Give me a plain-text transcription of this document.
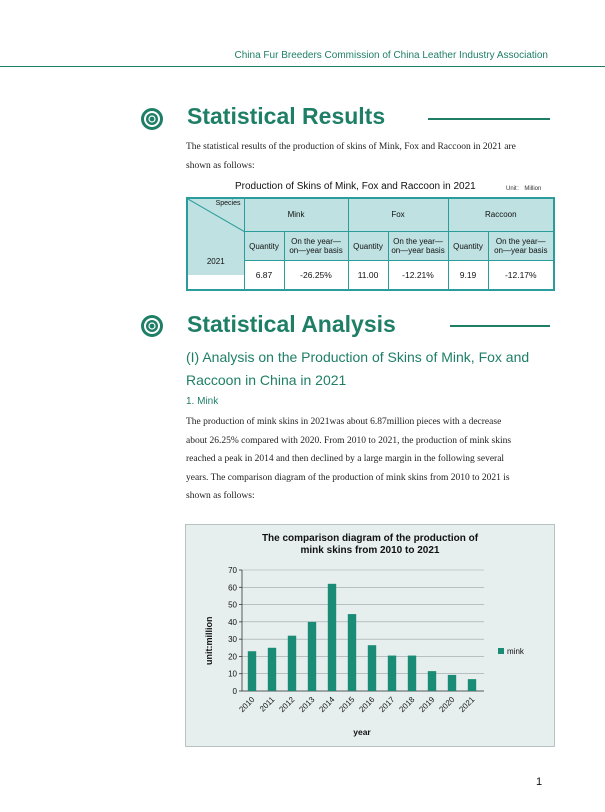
China Fur Breeders Commission of China Leather Industry Association
Statistical Results
The statistical results of the production of skins of Mink, Fox and Raccoon in 2021 are
shown as follows:
Production of Skins of Mink, Fox and Raccoon in 2021	Unit： Million
Species	Mink		Fox		Raccoon	
	Quantity	On the year—
on—year basis	Quantity	On the year—
on—year basis	Quantity	On the year—
on—year basis
2021	6.87	-26.25%	11.00	-12.21%	9.19	-12.17%
Statistical Analysis
(I) Analysis on the Production of Skins of Mink, Fox and
Raccoon in China in 2021
1. Mink
The production of mink skins in 2021was about 6.87million pieces with a decrease
about 26.25% compared with 2020. From 2010 to 2021, the production of mink skins
reached a peak in 2014 and then declined by a large margin in the following several
years. The comparison diagram of the production of mink skins from 2010 to 2021 is
shown as follows:
The comparison diagram of the production of
mink skins from 2010 to 2021
0
10
20
30
40
50
60
70
2010 2011 2012 2013 2014 2015 2016 2017 2018 2019 2020 2021
year
mink
unit:million
1
